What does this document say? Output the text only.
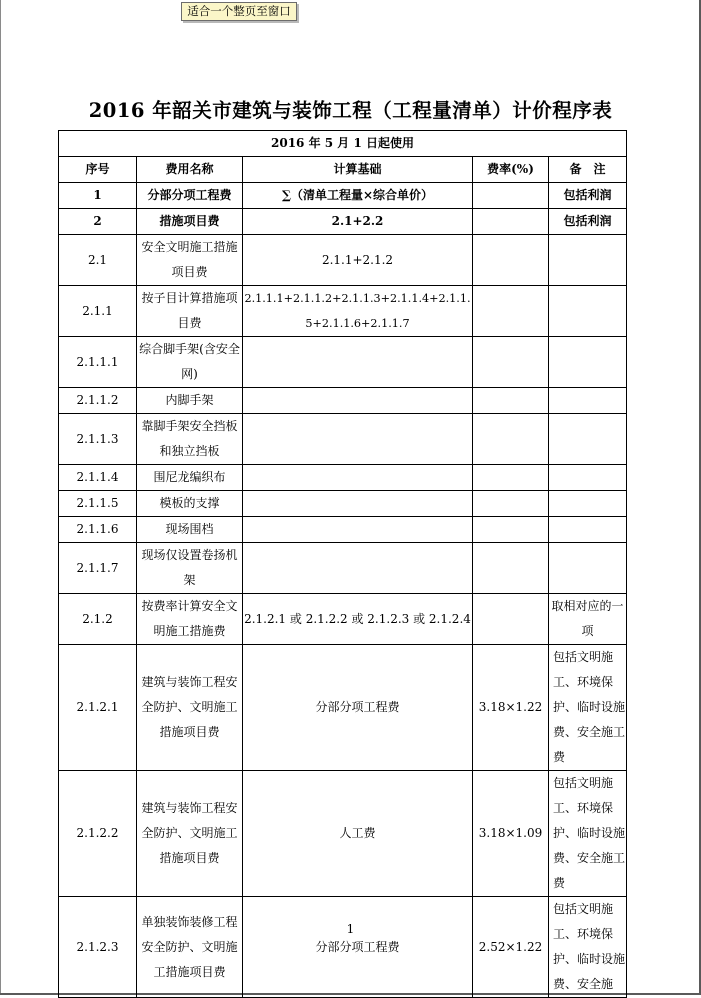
适合一个整页至窗口
2016 年韶关市建筑与装饰工程（工程量清单）计价程序表
2016 年 5 月 1 日起使用				
序号	费用名称	计算基础	费率(%)	备　注
1	分部分项工程费	∑（清单工程量×综合单价）		包括利润
2	措施项目费	2.1+2.2		包括利润
2.1	安全文明施工措施项目费	2.1.1+2.1.2		
2.1.1	按子目计算措施项目费	2.1.1.1+2.1.1.2+2.1.1.3+2.1.1.4+2.1.1.5+2.1.1.6+2.1.1.7		
2.1.1.1	综合脚手架(含安全网)			
2.1.1.2	内脚手架			
2.1.1.3	靠脚手架安全挡板和独立挡板			
2.1.1.4	围尼龙编织布			
2.1.1.5	模板的支撑			
2.1.1.6	现场围档			
2.1.1.7	现场仅设置卷扬机架			
2.1.2	按费率计算安全文明施工措施费	2.1.2.1 或 2.1.2.2 或 2.1.2.3 或 2.1.2.4		取相对应的一项
2.1.2.1	建筑与装饰工程安全防护、文明施工措施项目费	分部分项工程费	3.18×1.22	包括文明施工、环境保护、临时设施费、安全施工费
2.1.2.2	建筑与装饰工程安全防护、文明施工措施项目费	人工费	3.18×1.09	包括文明施工、环境保护、临时设施费、安全施工费
2.1.2.3	单独装饰装修工程安全防护、文明施工措施项目费	分部分项工程费	2.52×1.22	包括文明施工、环境保护、临时设施费、安全施
1
